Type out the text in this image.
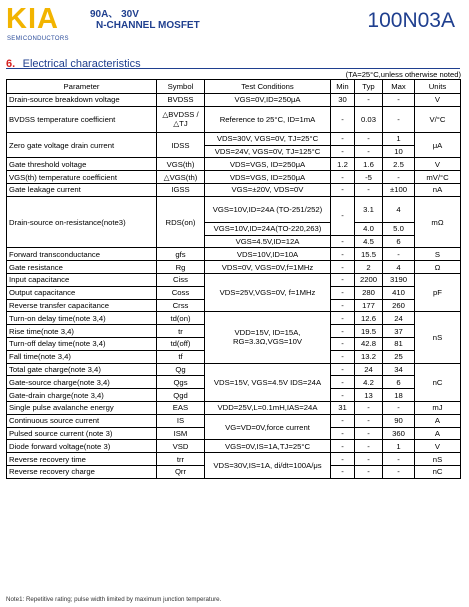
KIA
SEMICONDUCTORS
90A、 30V
N-CHANNEL MOSFET	100N03A
6. Electrical characteristics
(TA=25°C,unless otherwise noted)
Parameter	Symbol	Test Conditions	Min	Typ	Max	Units
Drain-source breakdown voltage	BVDSS	VGS=0V,ID=250μA	30	-	-	V
BVDSS temperature coefficient	△BVDSS /△TJ	Reference to 25°C, ID=1mA	-	0.03	-	V/°C
Zero gate voltage drain current	IDSS	VDS=30V, VGS=0V, TJ=25°C	-	-	1	μA
		VDS=24V, VGS=0V, TJ=125°C	-	-	10	
Gate threshold voltage	VGS(th)	VDS=VGS, ID=250μA	1.2	1.6	2.5	V
VGS(th) temperature coefficient	△VGS(th)	VDS=VGS, ID=250μA	-	-5	-	mV/°C
Gate leakage current	IGSS	VGS=±20V, VDS=0V	-	-	±100	nA
Drain-source on-resistance(note3)	RDS(on)	VGS=10V,ID=24A (TO-251/252)	-	3.1	4	mΩ
		VGS=10V,ID=24A(TO-220,263)		4.0	5.0	
		VGS=4.5V,ID=12A	-	4.5	6	
Forward transconductance	gfs	VDS=10V,ID=10A	-	15.5	-	S
Gate resistance	Rg	VDS=0V, VGS=0V,f=1MHz	-	2	4	Ω
Input capacitance	Ciss	VDS=25V,VGS=0V, f=1MHz	-	2200	3190	pF
Output capacitance	Coss		-	280	410	
Reverse transfer capacitance	Crss		-	177	260	
Turn-on delay time(note 3,4)	td(on)	VDD=15V, ID=15A, RG=3.3Ω,VGS=10V	-	12.6	24	nS
Rise time(note 3,4)	tr		-	19.5	37	
Turn-off delay time(note 3,4)	td(off)		-	42.8	81	
Fall time(note 3,4)	tf		-	13.2	25	
Total gate charge(note 3,4)	Qg	VDS=15V, VGS=4.5V IDS=24A	-	24	34	nC
Gate-source charge(note 3,4)	Qgs		-	4.2	6	
Gate-drain charge(note 3,4)	Qgd		-	13	18	
Single pulse avalanche energy	EAS	VDD=25V,L=0.1mH,IAS=24A	31	-	-	mJ
Continuous source current	IS	VG=VD=0V,force current	-	-	90	A
Pulsed source current (note 3)	ISM		-	-	360	A
Diode forward voltage(note 3)	VSD	VGS=0V,IS=1A,TJ=25°C	-	-	1	V
Reverse recovery time	trr	VDS=30V,IS=1A, di/dt=100A/μs	-	-	-	nS
Reverse recovery charge	Qrr		-	-	-	nC
Note1: Repetitive rating; pulse width limited by maximum junction temperature.
